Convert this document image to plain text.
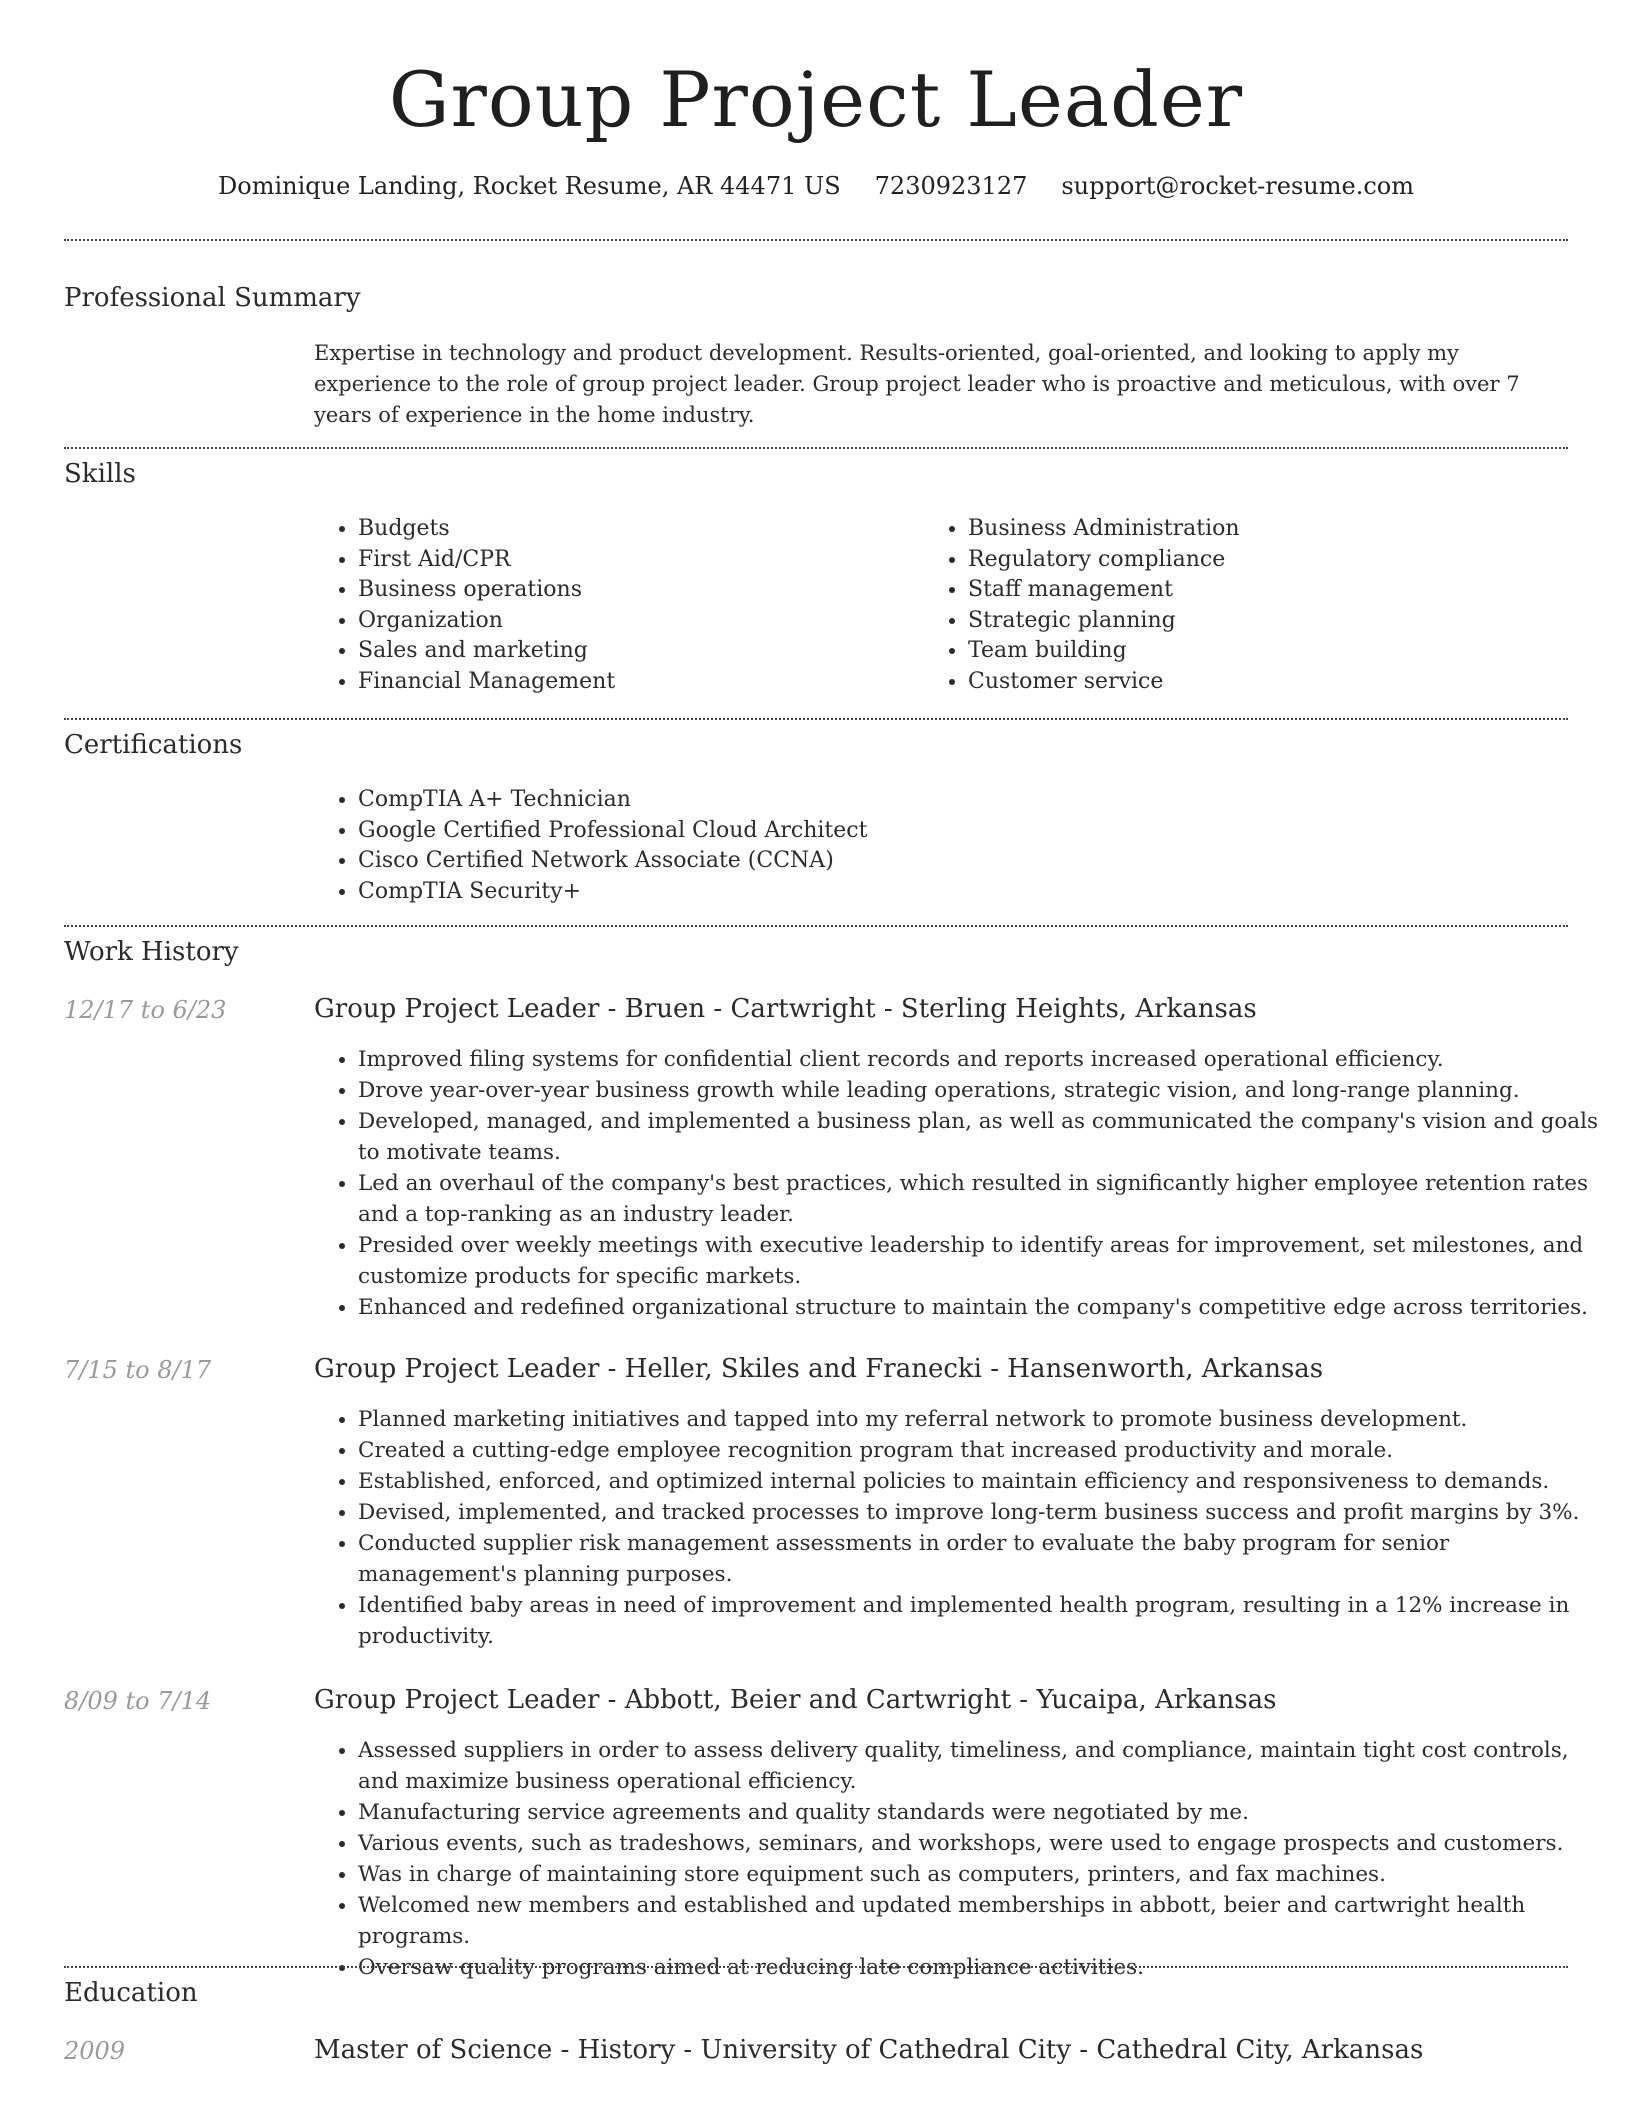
Group Project Leader
Dominique Landing, Rocket Resume, AR 44471 US 7230923127 support@rocket-resume.com
Professional Summary

Expertise in technology and product development. Results-oriented, goal-oriented, and looking to apply my experience to the role of group project leader. Group project leader who is proactive and meticulous, with over 7 years of experience in the home industry.

Skills
• Budgets
• First Aid/CPR
• Business operations
• Organization
• Sales and marketing
• Financial Management
• Business Administration
• Regulatory compliance
• Staff management
• Strategic planning
• Team building
• Customer service
Certifications
• CompTIA A+ Technician
• Google Certified Professional Cloud Architect
• Cisco Certified Network Associate (CCNA)
• CompTIA Security+
Work History
12/17 to 6/23	Group Project Leader - Bruen - Cartwright - Sterling Heights, Arkansas
• Improved filing systems for confidential client records and reports increased operational efficiency.
• Drove year-over-year business growth while leading operations, strategic vision, and long-range planning.
• Developed, managed, and implemented a business plan, as well as communicated the company's vision and goals to motivate teams.
• Led an overhaul of the company's best practices, which resulted in significantly higher employee retention rates and a top-ranking as an industry leader.
• Presided over weekly meetings with executive leadership to identify areas for improvement, set milestones, and customize products for specific markets.
• Enhanced and redefined organizational structure to maintain the company's competitive edge across territories.
7/15 to 8/17	Group Project Leader - Heller, Skiles and Franecki - Hansenworth, Arkansas
• Planned marketing initiatives and tapped into my referral network to promote business development.
• Created a cutting-edge employee recognition program that increased productivity and morale.
• Established, enforced, and optimized internal policies to maintain efficiency and responsiveness to demands.
• Devised, implemented, and tracked processes to improve long-term business success and profit margins by 3%.
• Conducted supplier risk management assessments in order to evaluate the baby program for senior management's planning purposes.
• Identified baby areas in need of improvement and implemented health program, resulting in a 12% increase in productivity.
8/09 to 7/14	Group Project Leader - Abbott, Beier and Cartwright - Yucaipa, Arkansas
• Assessed suppliers in order to assess delivery quality, timeliness, and compliance, maintain tight cost controls, and maximize business operational efficiency.
• Manufacturing service agreements and quality standards were negotiated by me.
• Various events, such as tradeshows, seminars, and workshops, were used to engage prospects and customers.
• Was in charge of maintaining store equipment such as computers, printers, and fax machines.
• Welcomed new members and established and updated memberships in abbott, beier and cartwright health programs.
• Oversaw quality programs aimed at reducing late compliance activities.
Education
2009	Master of Science - History - University of Cathedral City - Cathedral City, Arkansas
